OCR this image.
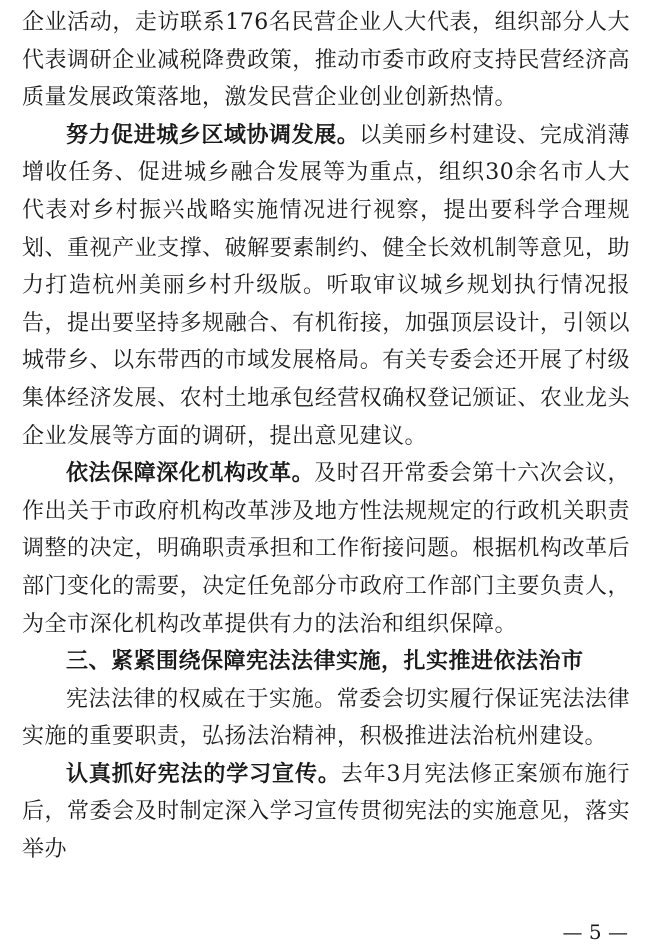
企业活动，走访联系176名民营企业人大代表，组织部分人大代表调研企业减税降费政策，推动市委市政府支持民营经济高质量发展政策落地，激发民营企业创业创新热情。

努力促进城乡区域协调发展。以美丽乡村建设、完成消薄增收任务、促进城乡融合发展等为重点，组织30余名市人大代表对乡村振兴战略实施情况进行视察，提出要科学合理规划、重视产业支撑、破解要素制约、健全长效机制等意见，助力打造杭州美丽乡村升级版。听取审议城乡规划执行情况报告，提出要坚持多规融合、有机衔接，加强顶层设计，引领以城带乡、以东带西的市域发展格局。有关专委会还开展了村级集体经济发展、农村土地承包经营权确权登记颁证、农业龙头企业发展等方面的调研，提出意见建议。

依法保障深化机构改革。及时召开常委会第十六次会议，作出关于市政府机构改革涉及地方性法规规定的行政机关职责调整的决定，明确职责承担和工作衔接问题。根据机构改革后部门变化的需要，决定任免部分市政府工作部门主要负责人，为全市深化机构改革提供有力的法治和组织保障。

三、紧紧围绕保障宪法法律实施，扎实推进依法治市

宪法法律的权威在于实施。常委会切实履行保证宪法法律实施的重要职责，弘扬法治精神，积极推进法治杭州建设。

认真抓好宪法的学习宣传。去年3月宪法修正案颁布施行后，常委会及时制定深入学习宣传贯彻宪法的实施意见，落实举办

— 5 —
